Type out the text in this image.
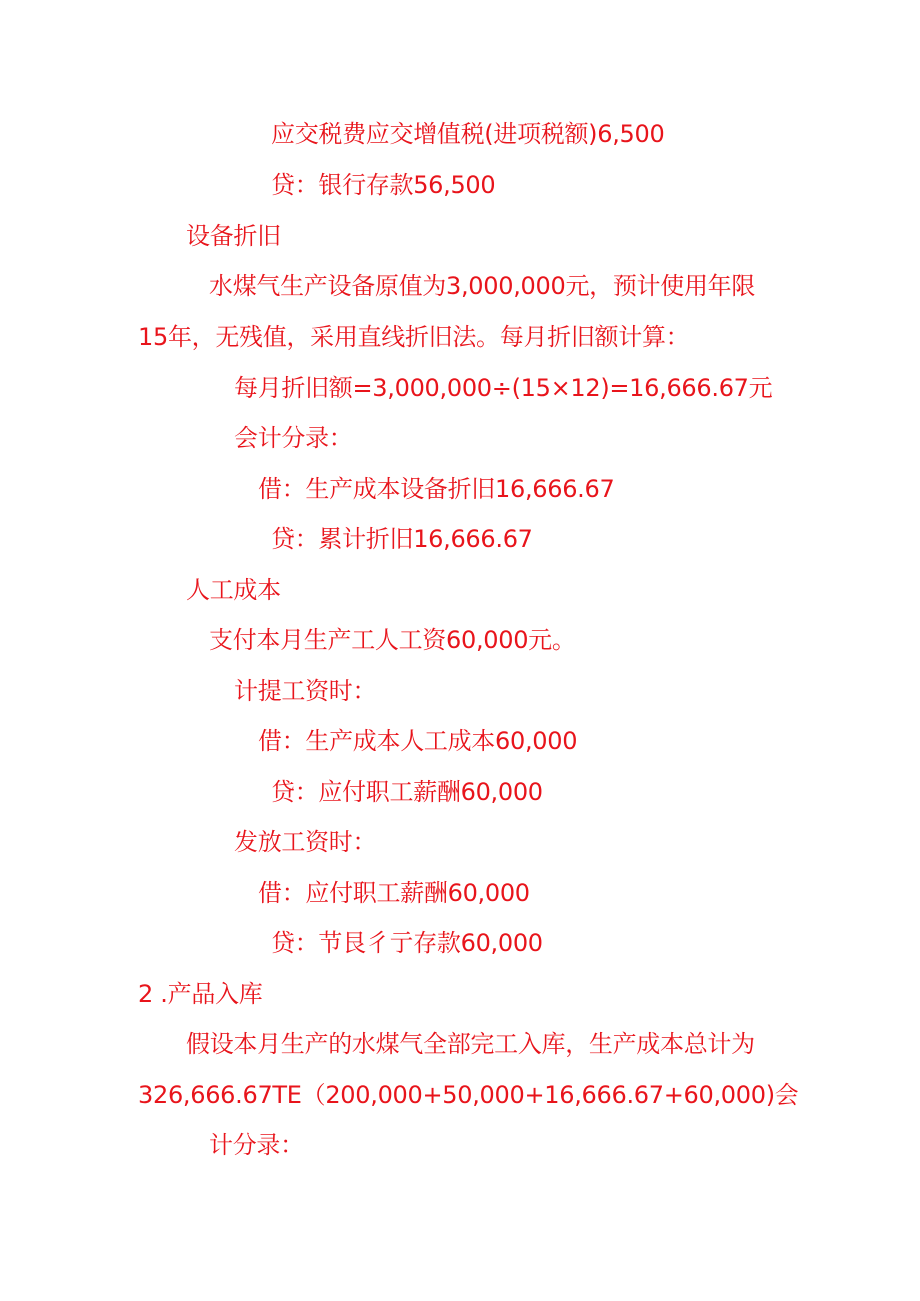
应交税费应交增值税(进项税额)6,500
贷：银行存款56,500
设备折旧
水煤气生产设备原值为3,000,000元，预计使用年限
15年，无残值，采用直线折旧法。每月折旧额计算：
每月折旧额=3,000,000÷(15×12)=16,666.67元
会计分录：
借：生产成本设备折旧16,666.67
贷：累计折旧16,666.67
人工成本
支付本月生产工人工资60,000元。
计提工资时：
借：生产成本人工成本60,000
贷：应付职工薪酬60,000
发放工资时：
借：应付职工薪酬60,000
贷：节艮彳亍存款60,000
2 .产品入库
假设本月生产的水煤气全部完工入库，生产成本总计为
326,666.67TE（200,000+50,000+16,666.67+60,000)会
计分录：
